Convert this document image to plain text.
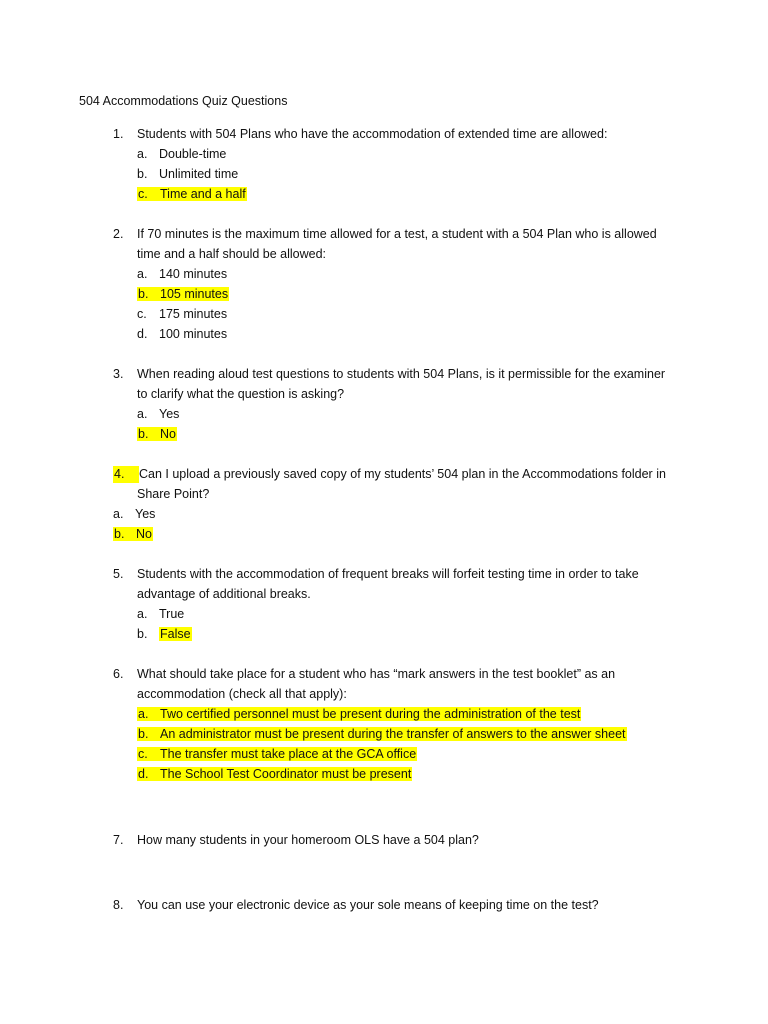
504 Accommodations Quiz Questions
1. Students with 504 Plans who have the accommodation of extended time are allowed:
a. Double-time
b. Unlimited time
c. Time and a half
2. If 70 minutes is the maximum time allowed for a test, a student with a 504 Plan who is allowed
time and a half should be allowed:
a. 140 minutes
b. 105 minutes
c. 175 minutes
d. 100 minutes
3. When reading aloud test questions to students with 504 Plans, is it permissible for the examiner
to clarify what the question is asking?
a. Yes
b. No
4. Can I upload a previously saved copy of my students’ 504 plan in the Accommodations folder in
Share Point?
a. Yes
b. No
5. Students with the accommodation of frequent breaks will forfeit testing time in order to take
advantage of additional breaks.
a. True
b. False
6. What should take place for a student who has “mark answers in the test booklet” as an
accommodation (check all that apply):
a. Two certified personnel must be present during the administration of the test
b. An administrator must be present during the transfer of answers to the answer sheet
c. The transfer must take place at the GCA office
d. The School Test Coordinator must be present
7. How many students in your homeroom OLS have a 504 plan?
8. You can use your electronic device as your sole means of keeping time on the test?
